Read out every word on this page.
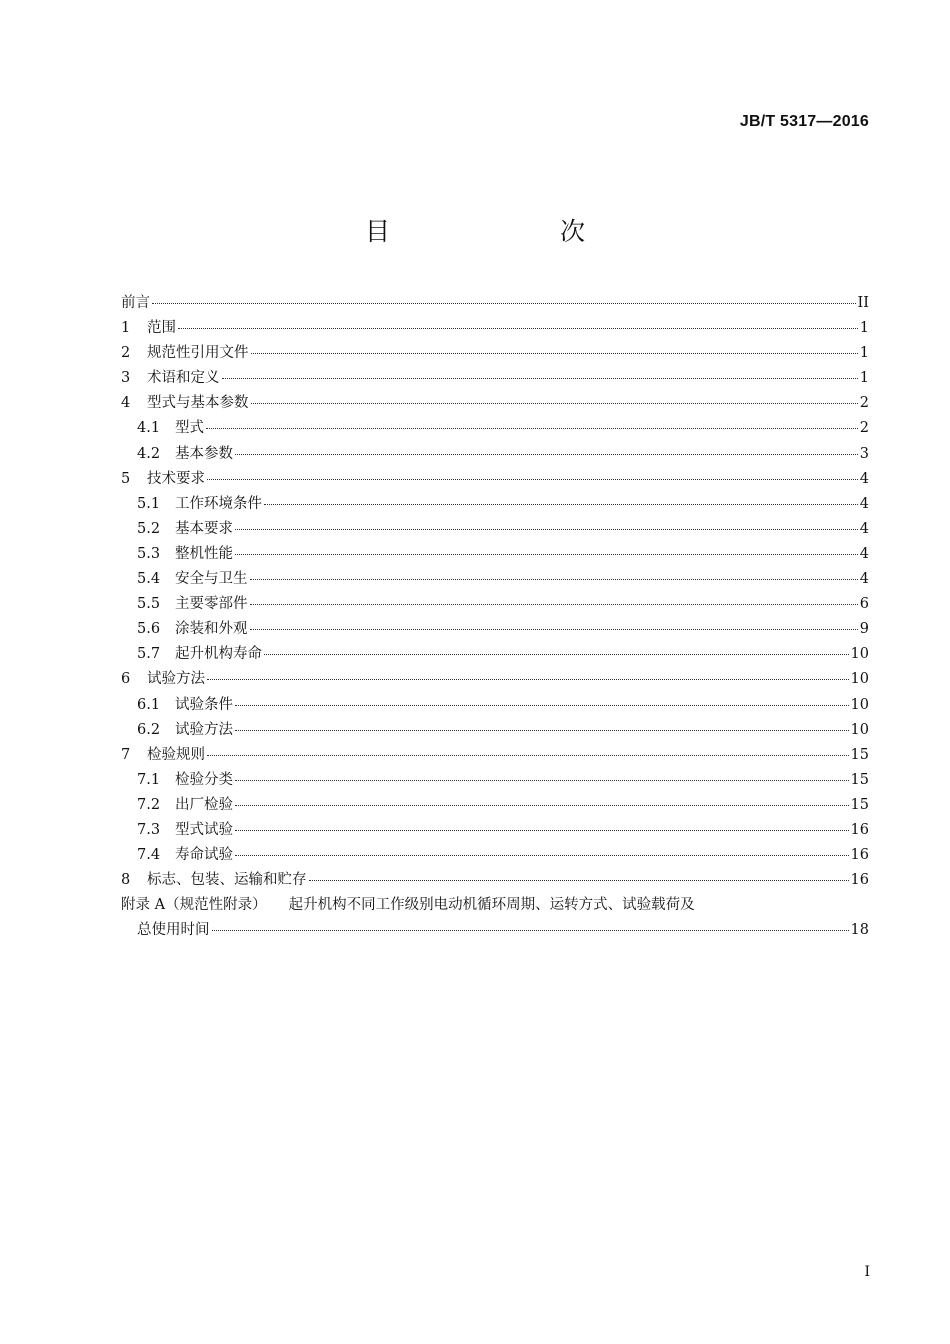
JB/T 5317—2016
目　　次
前言	II
1	范围	1
2	规范性引用文件	1
3	术语和定义	1
4	型式与基本参数	2
4.1	型式	2
4.2	基本参数	3
5	技术要求	4
5.1	工作环境条件	4
5.2	基本要求	4
5.3	整机性能	4
5.4	安全与卫生	4
5.5	主要零部件	6
5.6	涂装和外观	9
5.7	起升机构寿命	10
6	试验方法	10
6.1	试验条件	10
6.2	试验方法	10
7	检验规则	15
7.1	检验分类	15
7.2	出厂检验	15
7.3	型式试验	16
7.4	寿命试验	16
8	标志、包装、运输和贮存	16
附录 A（规范性附录） 起升机构不同工作级别电动机循环周期、运转方式、试验载荷及
总使用时间	18
I
